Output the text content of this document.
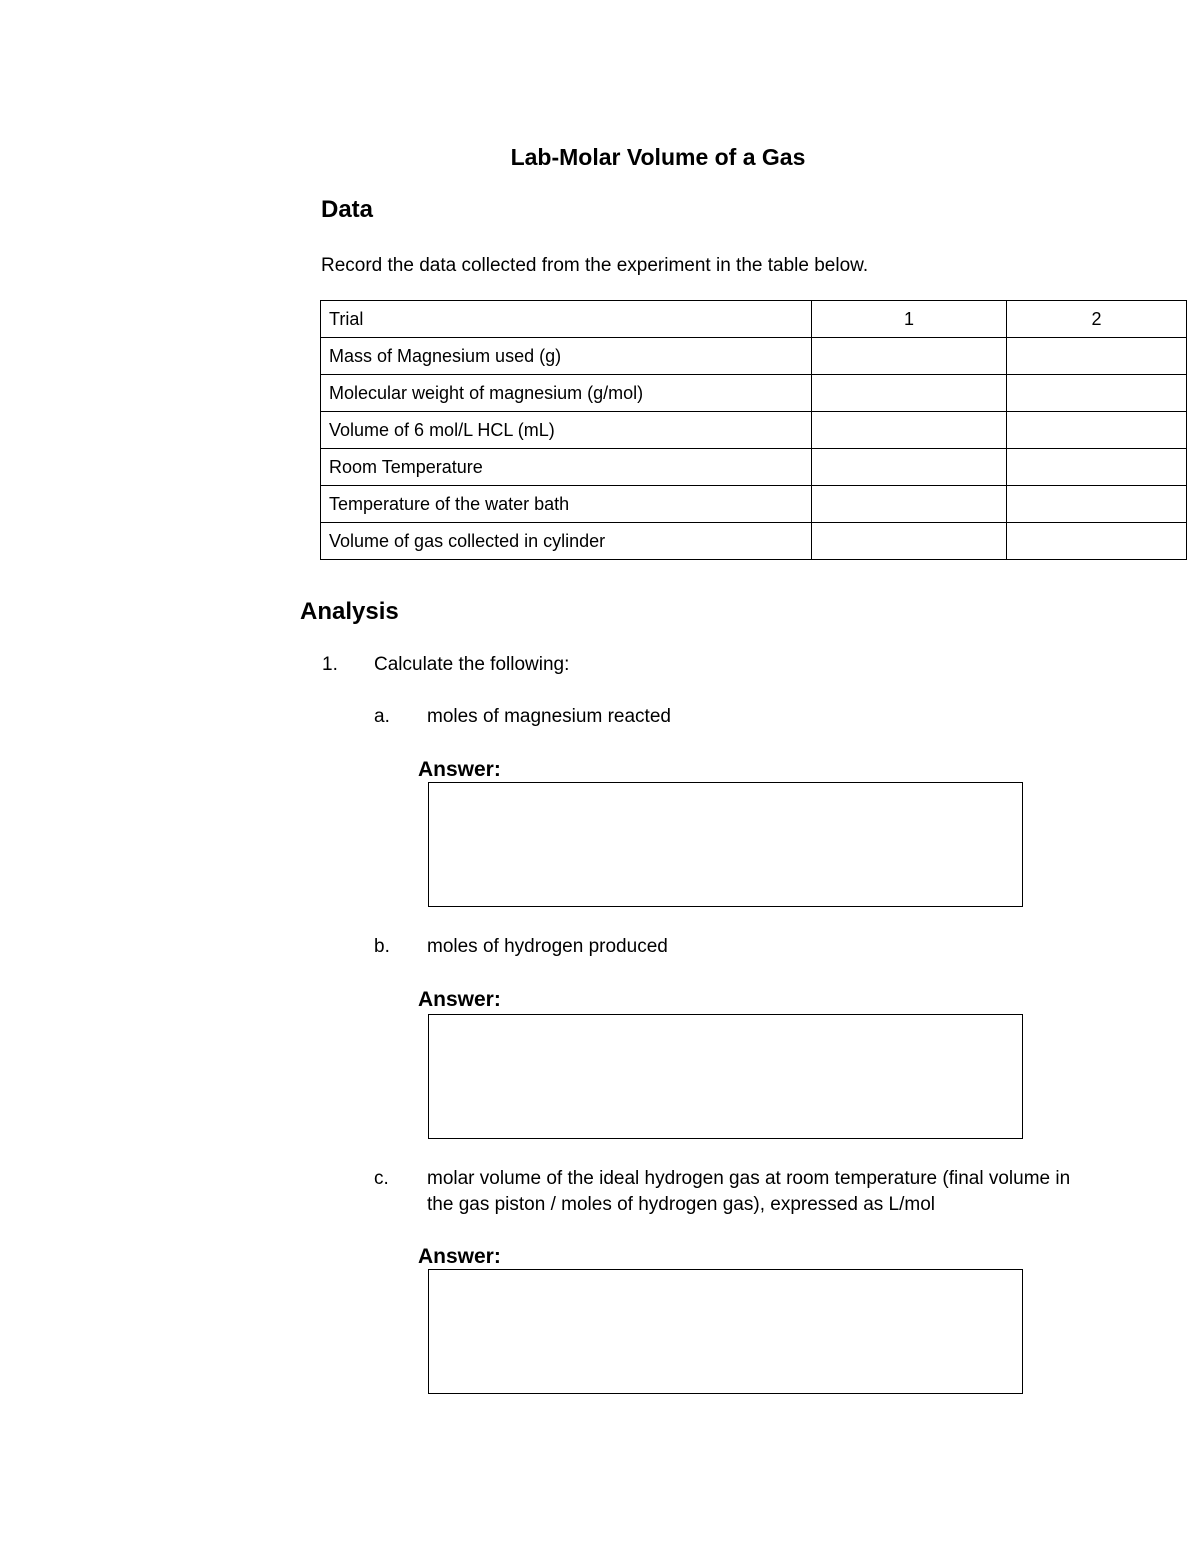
Lab-Molar Volume of a Gas
Data

Record the data collected from the experiment in the table below.

Trial	1	2
Mass of Magnesium used (g)		
Molecular weight of magnesium (g/mol)		
Volume of 6 mol/L HCL (mL)		
Room Temperature		
Temperature of the water bath		
Volume of gas collected in cylinder		
Analysis
1. Calculate the following:
a. moles of magnesium reacted
Answer:
b. moles of hydrogen produced
Answer:
c. molar volume of the ideal hydrogen gas at room temperature (final volume in
the gas piston / moles of hydrogen gas), expressed as L/mol
Answer:
